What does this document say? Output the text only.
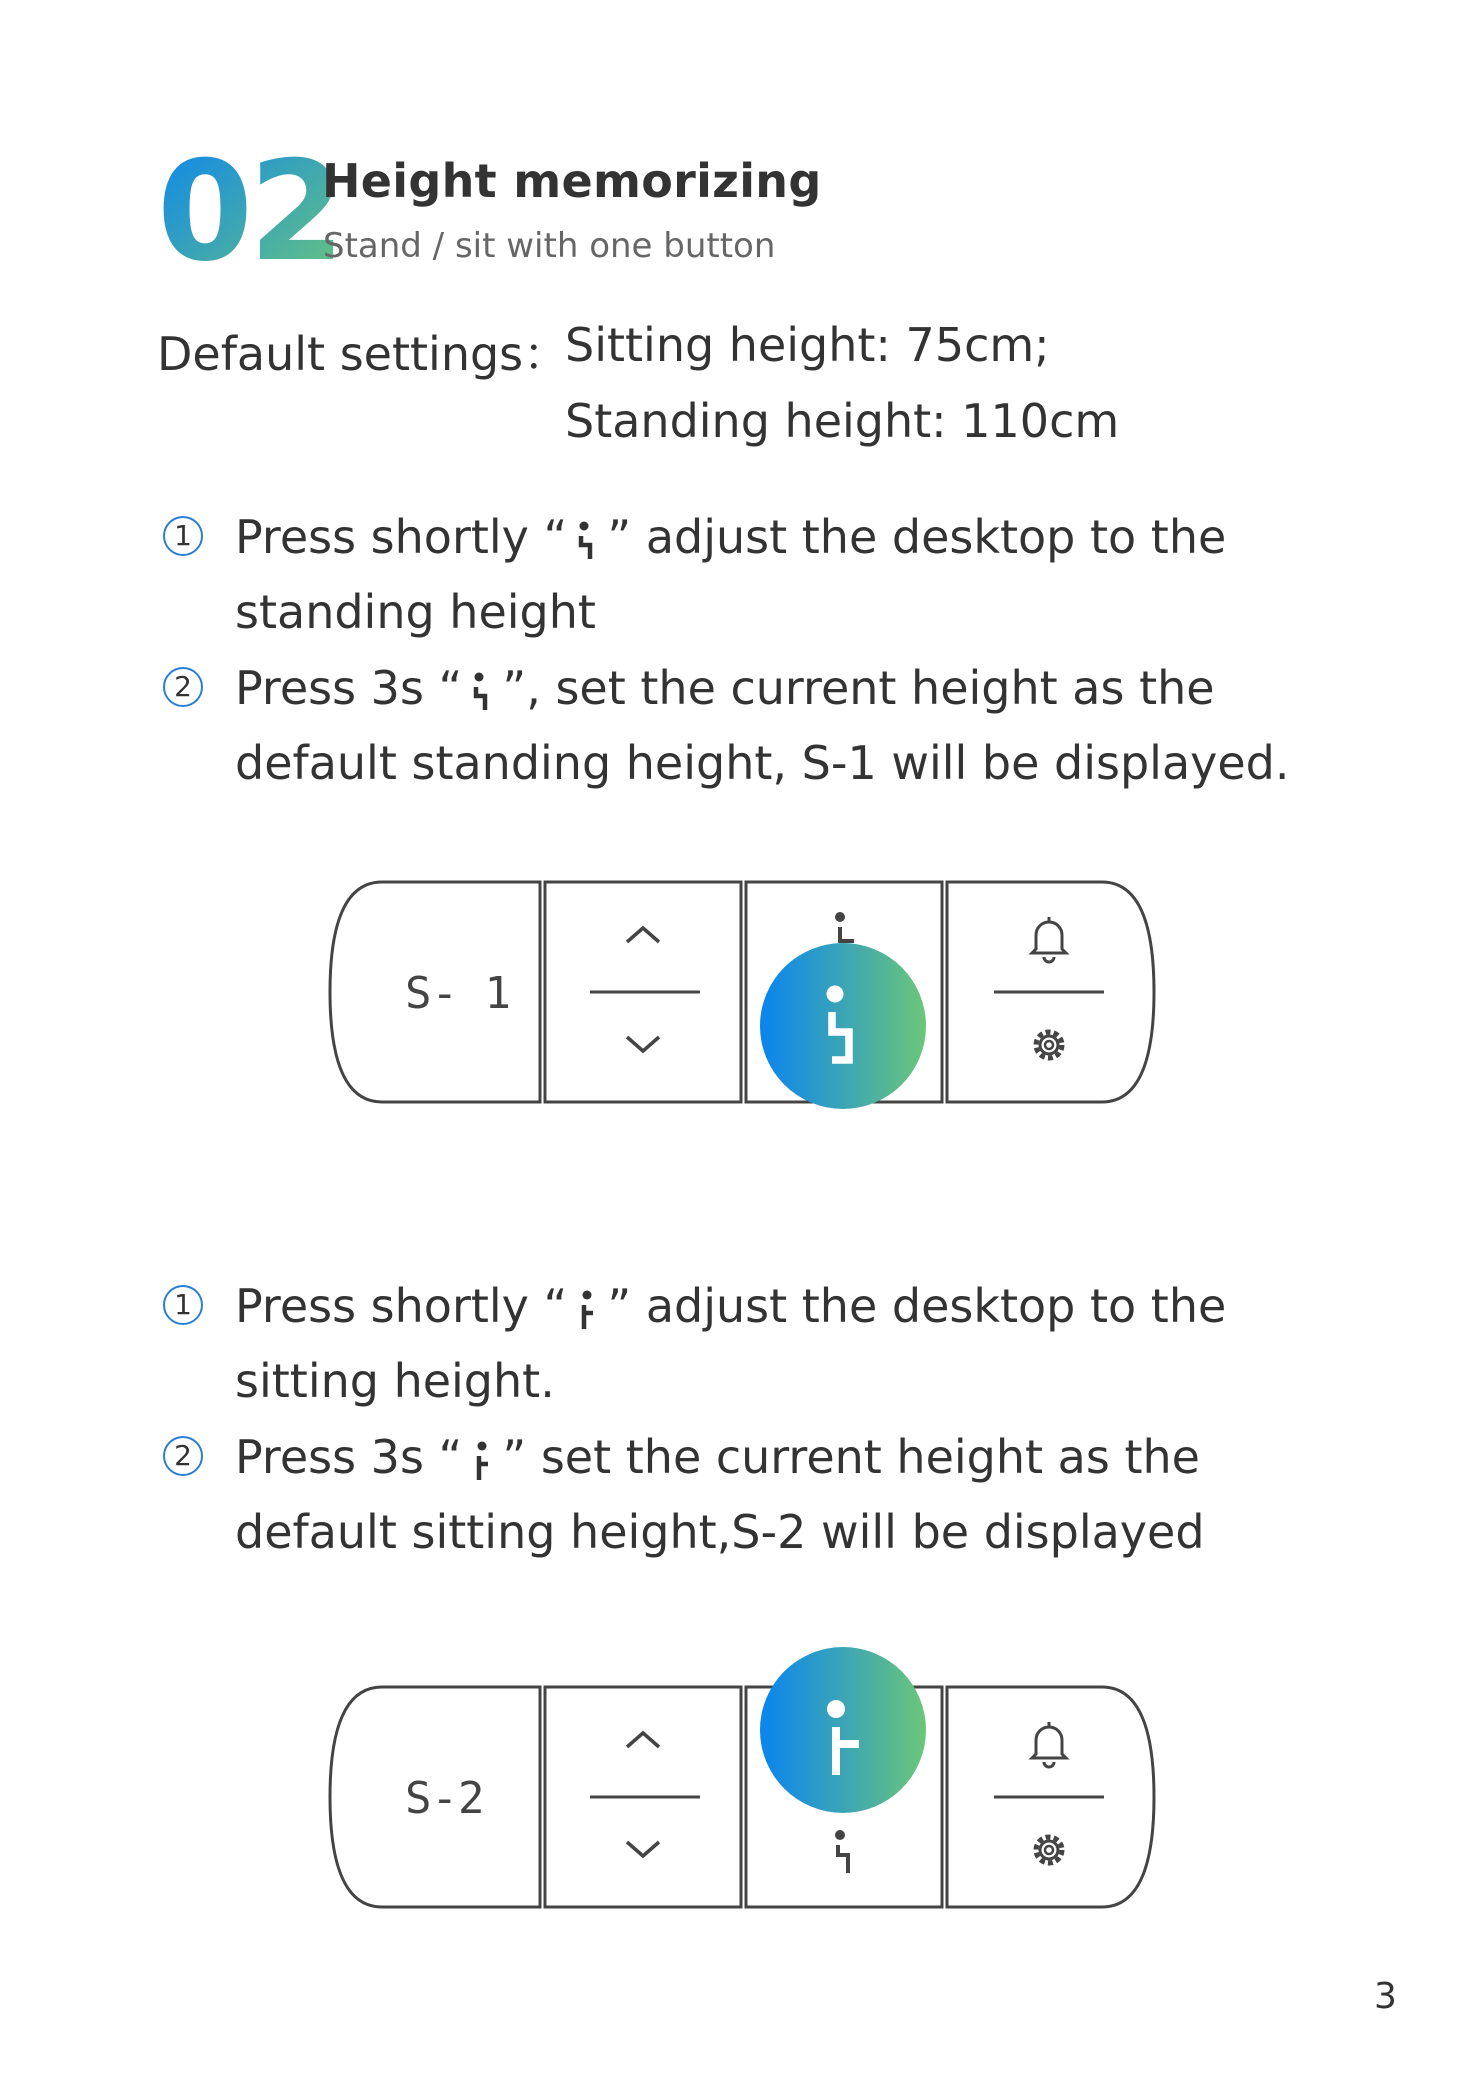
02
Height memorizing
Stand / sit with one button
Default settings：
Sitting height: 75cm;
Standing height: 110cm
1 Press shortly “ ” adjust the desktop to the standing height
2 Press 3s “ ”, set the current height as the default standing height, S-1 will be displayed.
S- 1
1 Press shortly “ ” adjust the desktop to the sitting height.
2 Press 3s “ ” set the current height as the default sitting height,S-2 will be displayed
S-2
3
